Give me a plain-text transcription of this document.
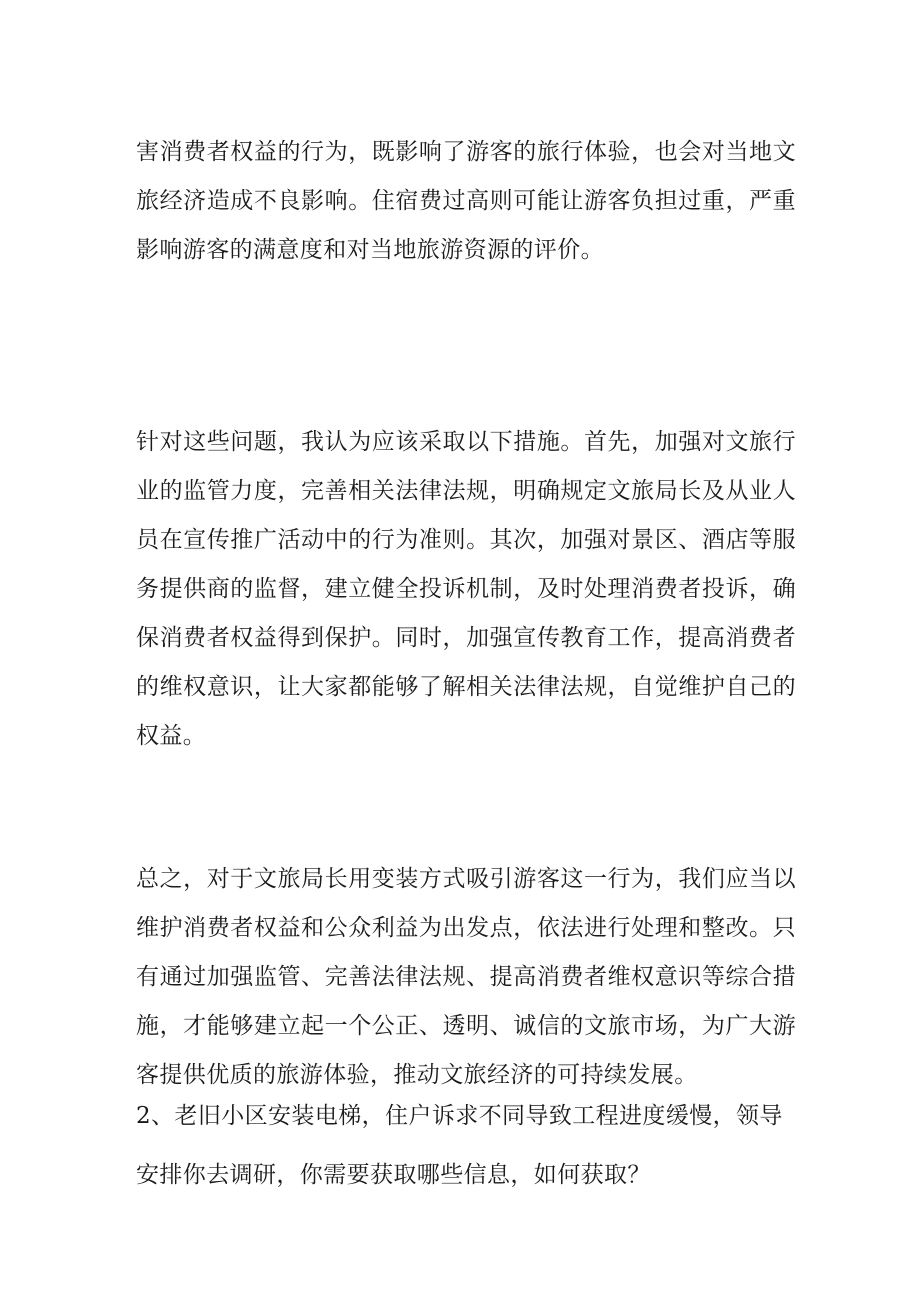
害消费者权益的行为，既影响了游客的旅行体验，也会对当地文旅经济造成不良影响。住宿费过高则可能让游客负担过重，严重影响游客的满意度和对当地旅游资源的评价。

针对这些问题，我认为应该采取以下措施。首先，加强对文旅行业的监管力度，完善相关法律法规，明确规定文旅局长及从业人员在宣传推广活动中的行为准则。其次，加强对景区、酒店等服务提供商的监督，建立健全投诉机制，及时处理消费者投诉，确保消费者权益得到保护。同时，加强宣传教育工作，提高消费者的维权意识，让大家都能够了解相关法律法规，自觉维护自己的权益。

总之，对于文旅局长用变装方式吸引游客这一行为，我们应当以维护消费者权益和公众利益为出发点，依法进行处理和整改。只有通过加强监管、完善法律法规、提高消费者维权意识等综合措施，才能够建立起一个公正、透明、诚信的文旅市场，为广大游客提供优质的旅游体验，推动文旅经济的可持续发展。

2、老旧小区安装电梯，住户诉求不同导致工程进度缓慢，领导

安排你去调研，你需要获取哪些信息，如何获取？
